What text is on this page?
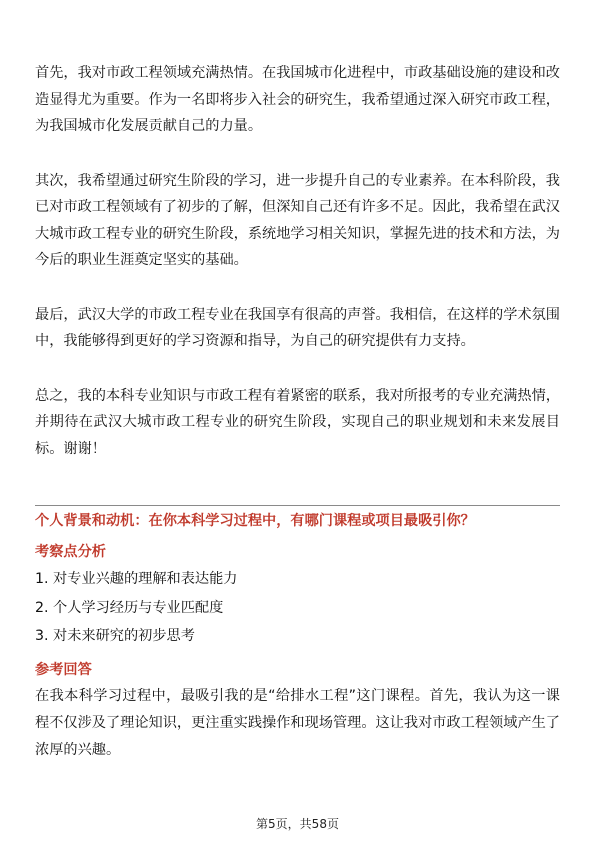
首先，我对市政工程领域充满热情。在我国城市化进程中，市政基础设施的建设和改造显得尤为重要。作为一名即将步入社会的研究生，我希望通过深入研究市政工程，为我国城市化发展贡献自己的力量。

其次，我希望通过研究生阶段的学习，进一步提升自己的专业素养。在本科阶段，我已对市政工程领域有了初步的了解，但深知自己还有许多不足。因此，我希望在武汉大城市政工程专业的研究生阶段，系统地学习相关知识，掌握先进的技术和方法，为今后的职业生涯奠定坚实的基础。

最后，武汉大学的市政工程专业在我国享有很高的声誉。我相信，在这样的学术氛围中，我能够得到更好的学习资源和指导，为自己的研究提供有力支持。

总之，我的本科专业知识与市政工程有着紧密的联系，我对所报考的专业充满热情，并期待在武汉大城市政工程专业的研究生阶段，实现自己的职业规划和未来发展目标。谢谢！

个人背景和动机：在你本科学习过程中，有哪门课程或项目最吸引你？
考察点分析
1. 对专业兴趣的理解和表达能力
2. 个人学习经历与专业匹配度
3. 对未来研究的初步思考
参考回答

在我本科学习过程中，最吸引我的是“给排水工程”这门课程。首先，我认为这一课程不仅涉及了理论知识，更注重实践操作和现场管理。这让我对市政工程领域产生了浓厚的兴趣。

第5页，共58页
